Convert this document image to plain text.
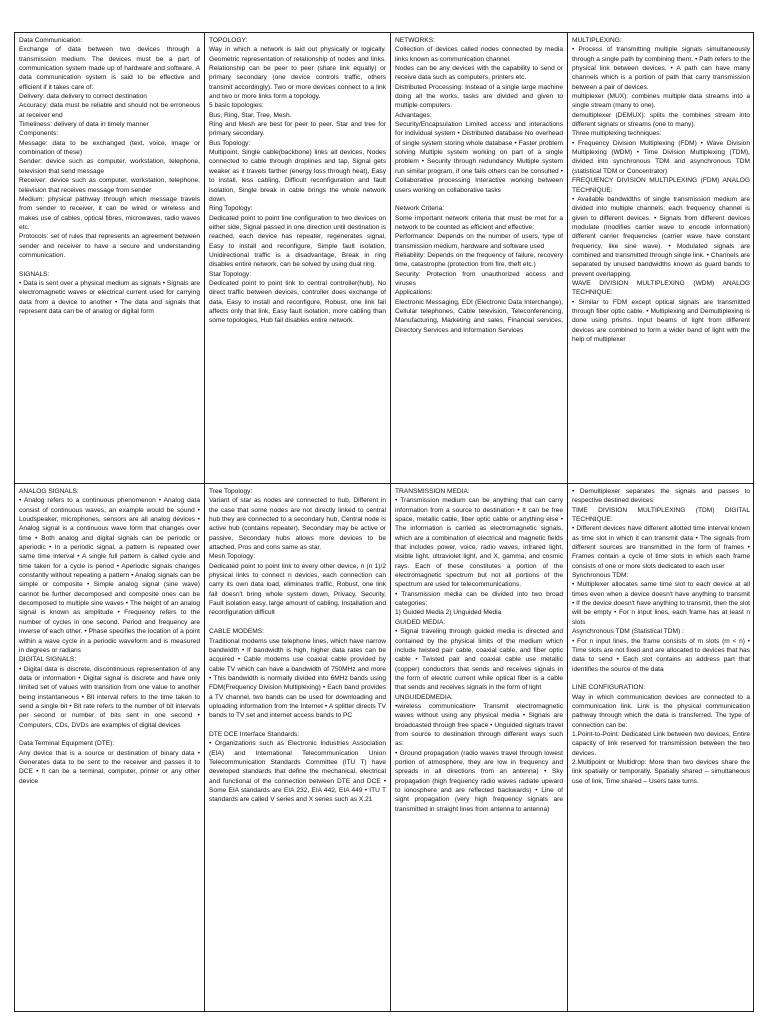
Data Communication:

Exchange of data between two devices through a transmission medium. The devices must be a part of communication system made up of hardware and software. A data communication system is said to be effective and efficient if it takes care of:

Delivery: data delivery to correct destination

Accuracy: data must be reliable and should not be erroneous at receiver end

Timeliness: delivery of data in timely manner

Components:

Message: data to be exchanged (text, voice, image or combination of these)

Sender: device such as computer, workstation, telephone, television that send message

Receiver: device such as computer, workstation, telephone, television that receives message from sender

Medium: physical pathway through which message travels from sender to receiver, it can be wired or wireless and makes use of cables, optical fibres, microwaves, radio waves etc.

Protocols: set of rules that represents an agreement between sender and receiver to have a secure and understanding communication.

SIGNALS:

• Data is sent over a physical medium as signals • Signals are electromagnetic waves or electrical current used for carrying data from a device to another • The data and signals that represent data can be of analog or digital form

TOPOLOGY:

Way in which a network is laid out physically or logically. Geometric representation of relationship of nodes and links. Relationship can be peer to peer (share link equally) or primary secondary (one device controls traffic, others transmit accordingly). Two or more devices connect to a link and two or more links form a topology.

5 basic topologies:

Bus, Ring, Star, Tree, Mesh.

Ring and Mesh are best for peer to peer. Star and tree for primary secondary.

Bus Topology:

Multipoint, Single cable(backbone) links all devices, Nodes connected to cable through droplines and tap, Signal gets weaker as it travels farther (energy loss through heat), Easy to install, less cabling, Difficult reconfiguration and fault isolation, Single break in cable brings the whole network down.

Ring Topology:

Dedicated point to point line configuration to two devices on either side, Signal passed in one direction until destination is reached, each device has repeater, regenerates signal, Easy to install and reconfigure, Simple fault isolation, Unidirectional traffic is a disadvantage, Break in ring disables entire network, can be solved by using dual ring.

Star Topology:

Dedicated point to point link to central controller(hub), No direct traffic between devices, controller does exchange of data, Easy to install and reconfigure, Robust, one link fail affects only that link, Easy fault isolation, more cabling than some topologies, Hub fail disables entire network.

NETWORKS:

Collection of devices called nodes connected by media links known as communication channel.

Nodes can be any devices with the capability to send or receive data such as computers, printers etc.

Distributed Processing: Instead of a single large machine doing all the works, tasks are divided and given to multiple computers.

Advantages:

Security/Encapsulation Limited access and interactions for individual system • Distributed database No overhead of single system storing whole database • Faster problem solving Multiple system working on part of a single problem • Security through redundancy Multiple system run similar program, if one fails others can be consulted • Collaborative processing Interactive working between users working on collaborative tasks

Network Criteria:

Some important network criteria that must be met for a network to be counted as efficient and effective:

Performance: Depends on the number of users, type of transmission medium, hardware and software used

Reliability: Depends on the frequency of failure, recovery time, catastrophe (protection from fire, theft etc.)

Security: Protection from unauthorized access and viruses

Applications:

Electronic Messaging, EDI (Electronic Data Interchange), Cellular telephones, Cable television, Teleconferencing, Manufacturing, Marketing and sales, Financial services, Directory Services and Information Services

MULTIPLEXING:

• Process of transmitting multiple signals simultaneously through a single path by combining them. • Path refers to the physical link between devices. • A path can have many channels which is a portion of path that carry transmission between a pair of devices.

multiplexer (MUX): combines multiple data streams into a single stream (many to one).

demultiplexer (DEMUX): splits the combines stream into different signals or streams (one to many).

Three multiplexing techniques:

• Frequency Division Multiplexing (FDM) • Wave Division Multiplexing (WDM) • Time Division Multiplexing (TDM), divided into synchronous TDM and asynchronous TDM (statistical TDM or Concentrator)

FREQUENCY DIVISION MULTIPLEXING (FDM) ANALOG TECHNIQUE:

• Available bandwidths of single transmission medium are divided into multiple channels; each frequency channel is given to different devices. • Signals from different devices modulate (modifies carrier wave to encode information) different carrier frequencies (carrier wave have constant frequency, like sine wave). • Modulated signals are combined and transmitted through single link. • Channels are separated by unused bandwidths known as guard bands to prevent overlapping.

WAVE DIVISION MULTIPLEXING (WDM) ANALOG TECHNIQUE:

• Similar to FDM except optical signals are transmitted through fiber optic cable. • Multiplexing and Demultiplexing is done using prisms. Input beams of light from different devices are combined to form a wider band of light with the help of multiplexer

ANALOG SIGNALS:

• Analog refers to a continuous phenomenon • Analog data consist of continuous waves, an example would be sound • Loudspeaker, microphones, sensors are all analog devices • Analog signal is a continuous wave form that changes over time • Both analog and digital signals can be periodic or aperiodic • In a periodic signal, a pattern is repeated over same time interval • A single full pattern is called cycle and time taken for a cycle is period • Aperiodic signals changes constantly without repeating a pattern • Analog signals can be simple or composite • Simple analog signal (sine wave) cannot be further decomposed and composite ones can be decomposed to multiple sine waves • The height of an analog signal is known as amplitude • Frequency refers to the number of cycles in one second. Period and frequency are inverse of each other. • Phase specifies the location of a point within a wave cycle in a periodic waveform and is measured in degrees or radians

DIGITAL SIGNALS:

• Digital data is discrete, discontinuous representation of any data or information • Digital signal is discrete and have only limited set of values with transition from one value to another being instantaneous • Bit interval refers to the time taken to send a single bit • Bit rate refers to the number of bit intervals per second or number of bits sent in one second • Computers, CDs, DVDs are examples of digital devices

Data Terminal Equipment (DTE):

Any device that is a source or destination of binary data • Generates data to be sent to the receiver and passes it to DCE • It can be a terminal, computer, printer or any other device

Tree Topology:

Variant of star as nodes are connected to hub, Different in the case that some nodes are not directly linked to central hub they are connected to a secondary hub, Central node is active hub (contains repeater), Secondary may be active or passive, Secondary hubs allows more devices to be attached, Pros and cons same as star.

Mesh Topology:

Dedicated point to point link to every other device, n (n 1)/2 physical links to connect n devices, each connection can carry its own data load, eliminates traffic, Robust, one link fail doesn't bring whole system down, Privacy, Security, Fault isolation easy, large amount of cabling, Installation and reconfiguration difficult

CABLE MODEMS:

Traditional modems use telephone lines, which have narrow bandwidth • If bandwidth is high, higher data rates can be acquired • Cable modems use coaxial cable provided by cable TV which can have a bandwidth of 750MHz and more • This bandwidth is normally divided into 6MHz bands using FDM(Frequency Division Multiplexing) • Each band provides a TV channel, two bands can be used for downloading and uploading information from the Internet • A splitter directs TV bands to TV set and internet access bands to PC

DTE DCE Interface Standards:

• Organizations such as Electronic Industries Association (EIA) and International Telecommunication Union Telecommunication Standards Committee (ITU T) have developed standards that define the mechanical, electrical and functional of the connection between DTE and DCE • Some EIA standards are EIA 232, EIA 442, EIA 449 • ITU T standards are called V series and X series such as X.21

TRANSMISSION MEDIA:

• Transmission medium can be anything that can carry information from a source to destination • It can be free space, metallic cable, fiber optic cable or anything else • The information is carried as electromagnetic signals, which are a combination of electrical and magnetic fields that includes power, voice, radio waves, infrared light, visible light, ultraviolet light, and X, gamma, and cosmic rays. Each of these constitutes a portion of the electromagnetic spectrum but not all portions of the spectrum are used for telecommunications.

• Transmission media can be divided into two broad categories:

1) Guided Media 2) Unguided Media

GUIDED MEDIA:

• Signal traveling through guided media is directed and contained by the physical limits of the medium which include twisted pair cable, coaxial cable, and fiber optic cable • Twisted pair and coaxial cable use metallic (copper) conductors that sends and receives signals in the form of electric current while optical fiber is a cable that sends and receives signals in the form of light

UNGUIDEDMEDIA:

•wireless communication• Transmit electromagnetic waves without using any physical media • Signals are broadcasted through free space • Unguided signals travel from source to destination through different ways such as:

• Ground propagation (radio waves travel through lowest portion of atmosphere, they are low in frequency and spreads in all directions from an antenna) • Sky propagation (high frequency radio waves radiate upward to ionosphere and are reflected backwards) • Line of sight propagation (very high frequency signals are transmitted in straight lines from antenna to antenna)

• Demultiplexer separates the signals and passes to respective destined devices

TIME DIVISION MULTIPLEXING (TDM) DIGITAL TECHNIQUE:

• Different devices have different allotted time interval known as time slot in which it can transmit data • The signals from different sources are transmitted in the form of frames • Frames contain a cycle of time slots in which each frame consists of one or more slots dedicated to each user

Synchronous TDM:

• Multiplexer allocates same time slot to each device at all times even when a device doesn't have anything to transmit • If the device doesn't have anything to transmit, then the slot will be empty • For n input lines, each frame has at least n slots

Asynchronous TDM (Statistical TDM) :

• For n input lines, the frame consists of m slots (m < n) • Time slots are not fixed and are allocated to devices that has data to send • Each slot contains an address part that identifies the source of the data

LINE CONFIGURATION:

Way in which communication devices are connected to a communication link. Link is the physical communication pathway through which the data is transferred. The type of connection can be:

1.Point-to-Point: Dedicated Link between two devices, Entire capacity of link reserved for transmission between the two devices.

2.Multipoint or Multidrop: More than two devices share the link spatially or temporally. Spatially shared – simultaneous use of link, Time shared – Users take turns.
